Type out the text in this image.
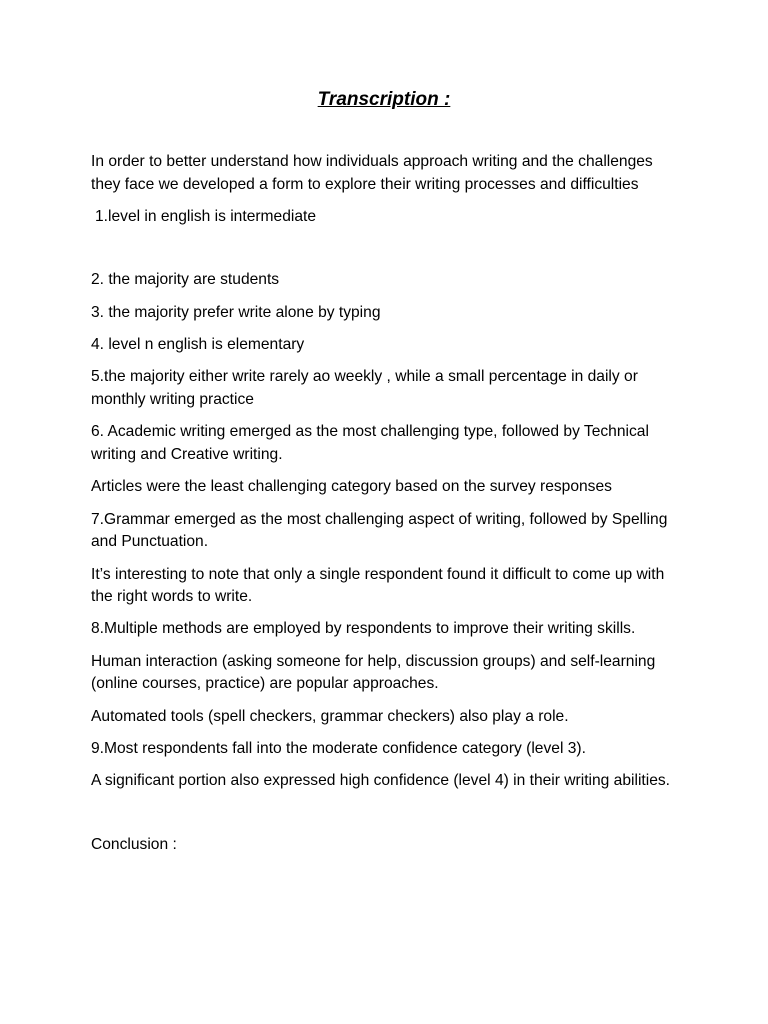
Transcription :

In order to better understand how individuals approach writing and the challenges they face we developed a form to explore their writing processes and difficulties

1.level in english is intermediate

2. the majority are students

3. the majority prefer write alone by typing

4. level n english is elementary

5.the majority either write rarely ao weekly , while a small percentage in daily or monthly writing practice

6. Academic writing emerged as the most challenging type, followed by Technical writing and Creative writing.

Articles were the least challenging category based on the survey responses

7.Grammar emerged as the most challenging aspect of writing, followed by Spelling and Punctuation.

It’s interesting to note that only a single respondent found it difficult to come up with the right words to write.

8.Multiple methods are employed by respondents to improve their writing skills.

Human interaction (asking someone for help, discussion groups) and self-learning (online courses, practice) are popular approaches.

Automated tools (spell checkers, grammar checkers) also play a role.

9.Most respondents fall into the moderate confidence category (level 3).

A significant portion also expressed high confidence (level 4) in their writing abilities.

Conclusion :
